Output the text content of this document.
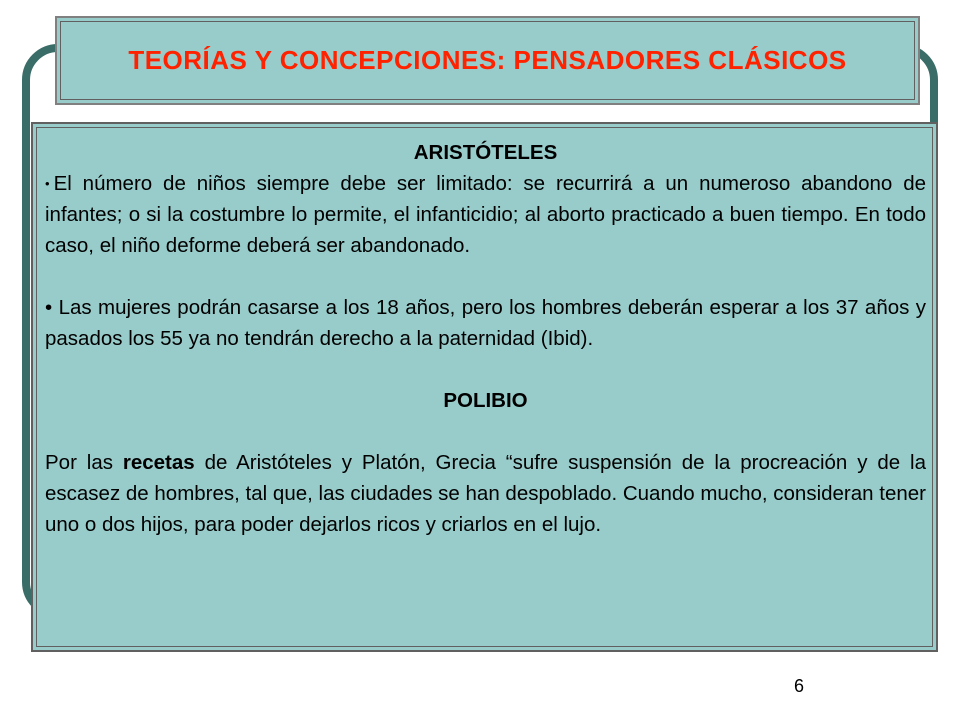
TEORÍAS Y CONCEPCIONES: PENSADORES CLÁSICOS

ARISTÓTELES

• El número de niños siempre debe ser limitado: se recurrirá a un numeroso abandono de infantes; o si la costumbre lo permite, el infanticidio; al aborto practicado a buen tiempo. En todo caso, el niño deforme deberá ser abandonado.

• Las mujeres podrán casarse a los 18 años, pero los hombres deberán esperar a los 37 años y pasados los 55 ya no tendrán derecho a la paternidad (Ibid).

POLIBIO

Por las recetas de Aristóteles y Platón, Grecia “sufre suspensión de la procreación y de la escasez de hombres, tal que, las ciudades se han despoblado. Cuando mucho, consideran tener uno o dos hijos, para poder dejarlos ricos y criarlos en el lujo.

6
